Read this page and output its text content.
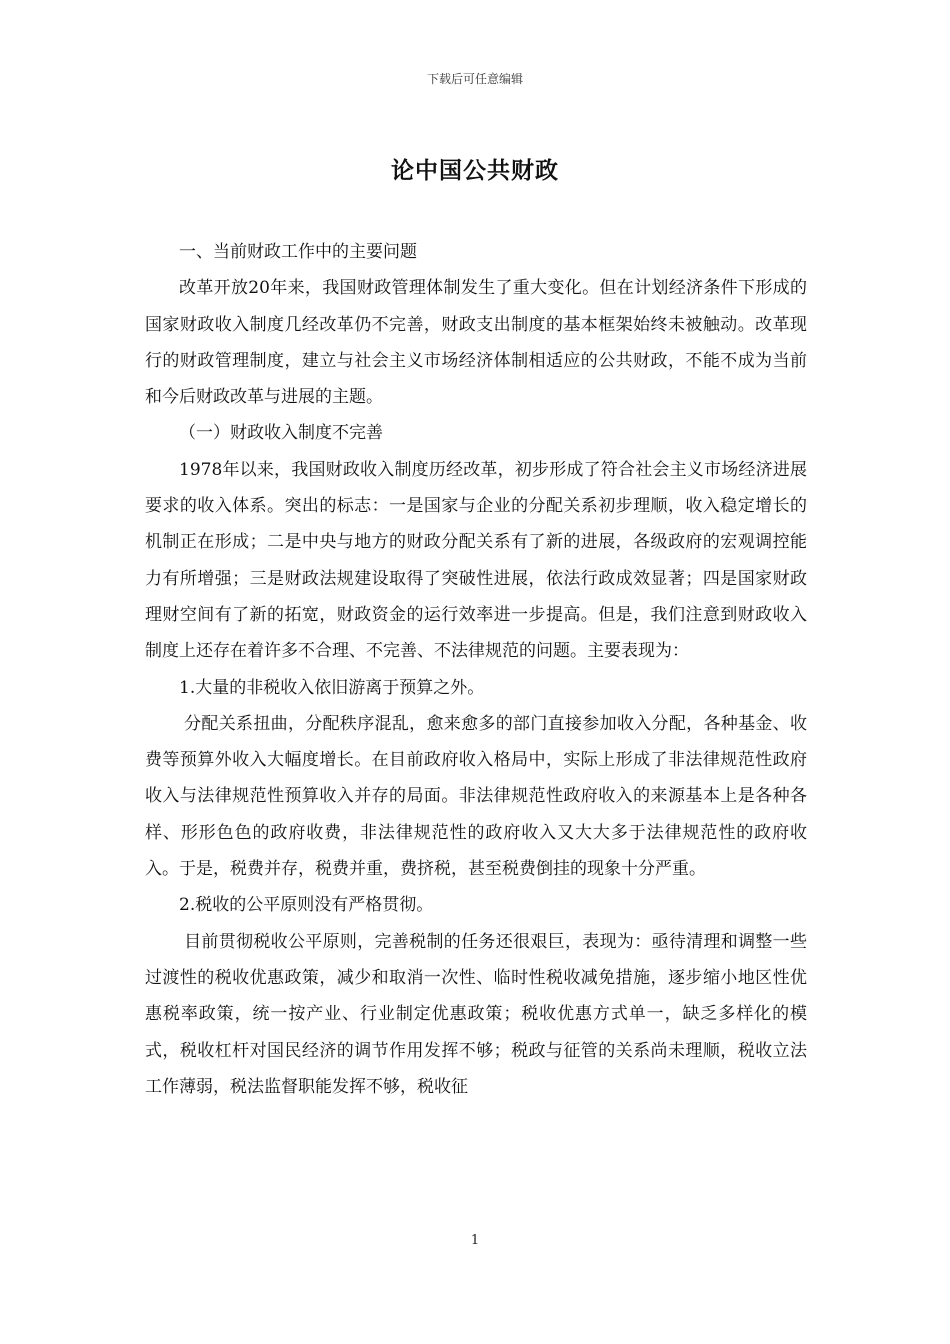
下载后可任意编辑
论中国公共财政

一、当前财政工作中的主要问题

改革开放20年来，我国财政管理体制发生了重大变化。但在计划经济条件下形成的国家财政收入制度几经改革仍不完善，财政支出制度的基本框架始终未被触动。改革现行的财政管理制度，建立与社会主义市场经济体制相适应的公共财政，不能不成为当前和今后财政改革与进展的主题。

（一）财政收入制度不完善

1978年以来，我国财政收入制度历经改革，初步形成了符合社会主义市场经济进展要求的收入体系。突出的标志：一是国家与企业的分配关系初步理顺，收入稳定增长的机制正在形成；二是中央与地方的财政分配关系有了新的进展，各级政府的宏观调控能力有所增强；三是财政法规建设取得了突破性进展，依法行政成效显著；四是国家财政理财空间有了新的拓宽，财政资金的运行效率进一步提高。但是，我们注意到财政收入制度上还存在着许多不合理、不完善、不法律规范的问题。主要表现为：

1.大量的非税收入依旧游离于预算之外。

分配关系扭曲，分配秩序混乱，愈来愈多的部门直接参加收入分配，各种基金、收费等预算外收入大幅度增长。在目前政府收入格局中，实际上形成了非法律规范性政府收入与法律规范性预算收入并存的局面。非法律规范性政府收入的来源基本上是各种各样、形形色色的政府收费，非法律规范性的政府收入又大大多于法律规范性的政府收入。于是，税费并存，税费并重，费挤税，甚至税费倒挂的现象十分严重。

2.税收的公平原则没有严格贯彻。

目前贯彻税收公平原则，完善税制的任务还很艰巨，表现为：亟待清理和调整一些过渡性的税收优惠政策，减少和取消一次性、临时性税收减免措施，逐步缩小地区性优惠税率政策，统一按产业、行业制定优惠政策；税收优惠方式单一，缺乏多样化的模式，税收杠杆对国民经济的调节作用发挥不够；税政与征管的关系尚未理顺，税收立法工作薄弱，税法监督职能发挥不够，税收征

1
